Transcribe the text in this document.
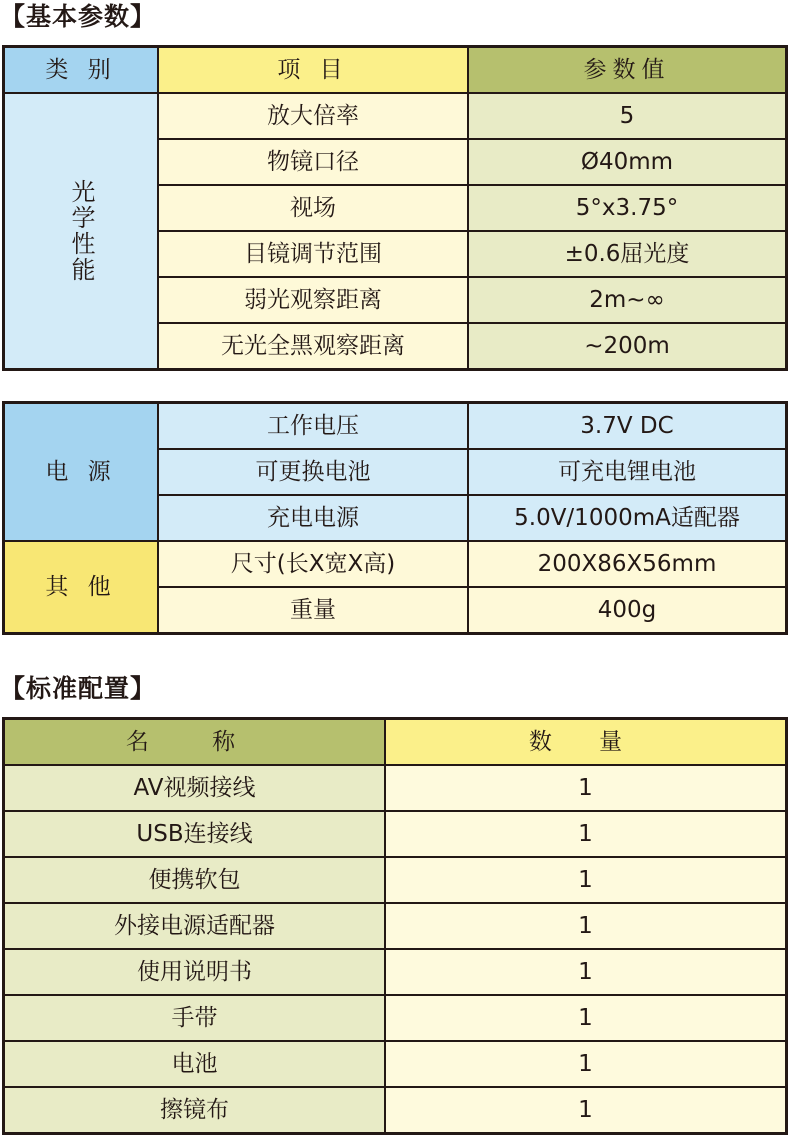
【基本参数】
类 别	项 目	参数值
光学性能	放大倍率	5
	物镜口径	Ø40mm
	视场	5°x3.75°
	目镜调节范围	±0.6屈光度
	弱光观察距离	2m~∞
	无光全黑观察距离	~200m
电 源	工作电压	3.7V DC
	可更换电池	可充电锂电池
	充电电源	5.0V/1000mA适配器
其 他	尺寸(长X宽X高)	200X86X56mm
	重量	400g
【标准配置】
名 称	数 量
AV视频接线	1
USB连接线	1
便携软包	1
外接电源适配器	1
使用说明书	1
手带	1
电池	1
擦镜布	1
